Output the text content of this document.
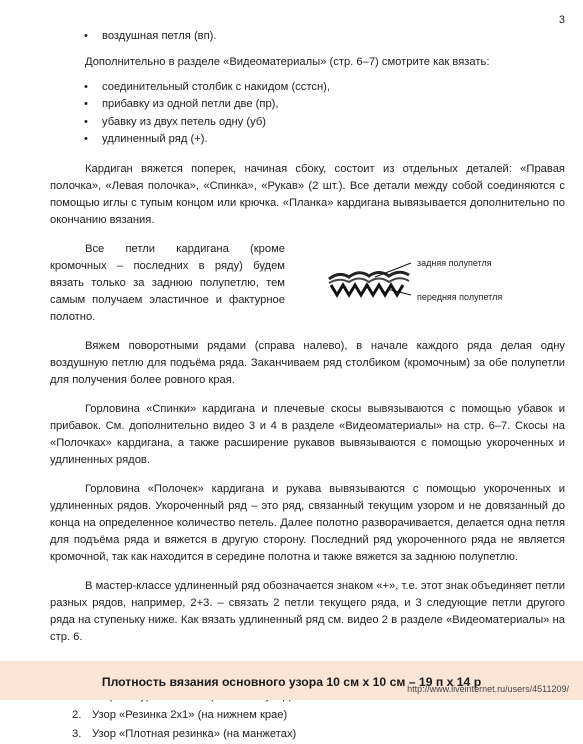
3
• воздушная петля (вп).

Дополнительно в разделе «Видеоматериалы» (стр. 6–7) смотрите как вязать:

• соединительный столбик с накидом (сстсн),
• прибавку из одной петли две (пр),
• убавку из двух петель одну (уб)
• удлиненный ряд (+).

Кардиган вяжется поперек, начиная сбоку, состоит из отдельных деталей: «Правая полочка», «Левая полочка», «Спинка», «Рукав» (2 шт.). Все детали между собой соединяются с помощью иглы с тупым концом или крючка. «Планка» кардигана вывязывается дополнительно по окончанию вязания.

Все петли кардигана (кроме кромочных – последних в ряду) будем вязать только за заднюю полупетлю, тем самым получаем эластичное и фактурное полотно.

задняя полупетля
передняя полупетля

Вяжем поворотными рядами (справа налево), в начале каждого ряда делая одну воздушную петлю для подъёма ряда. Заканчиваем ряд столбиком (кромочным) за обе полупетли для получения более ровного края.

Горловина «Спинки» кардигана и плечевые скосы вывязываются с помощью убавок и прибавок. См. дополнительно видео 3 и 4 в разделе «Видеоматериалы» на стр. 6–7. Скосы на «Полочках» кардигана, а также расширение рукавов вывязываются с помощью укороченных и удлиненных рядов.

Горловина «Полочек» кардигана и рукава вывязываются с помощью укороченных и удлиненных рядов. Укороченный ряд – это ряд, связанный текущим узором и не довязанный до конца на определенное количество петель. Далее полотно разворачивается, делается одна петля для подъёма ряда и вяжется в другую сторону. Последний ряд укороченного ряда не является кромочной, так как находится в середине полотна и также вяжется за заднюю полупетлю.

В мастер-классе удлиненный ряд обозначается знаком «+», т.е. этот знак объединяет петли разных рядов, например, 2+3. – связать 2 петли текущего ряда, и 3 следующие петли другого ряда на ступеньку ниже. Как вязать удлиненный ряд см. видео 2 в разделе «Видеоматериалы» на стр. 6.

2. Узор «Резинка 2х1» (на нижнем крае)
3. Узор «Плотная резинка» (на манжетах)
Плотность вязания основного узора 10 см х 10 см – 19 п х 14 р
http://www.liveinternet.ru/users/4511209/
